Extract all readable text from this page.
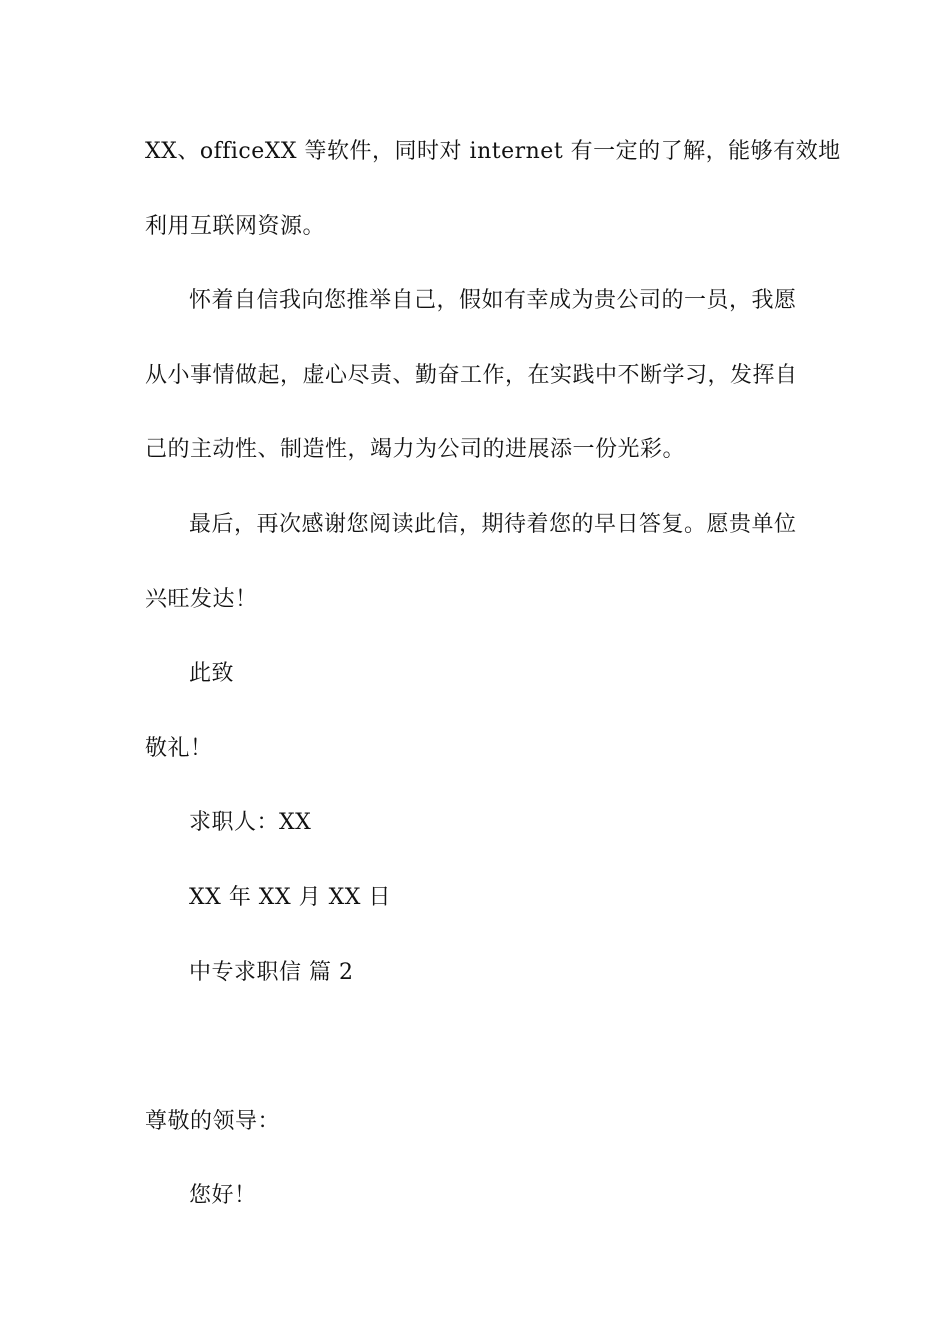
XX、officeXX 等软件，同时对 internet 有一定的了解，能够有效地
利用互联网资源。
怀着自信我向您推举自己，假如有幸成为贵公司的一员，我愿
从小事情做起，虚心尽责、勤奋工作，在实践中不断学习，发挥自
己的主动性、制造性，竭力为公司的进展添一份光彩。
最后，再次感谢您阅读此信，期待着您的早日答复。愿贵单位
兴旺发达！
此致
敬礼！
求职人：XX
XX 年 XX 月 XX 日
中专求职信 篇 2
尊敬的领导：
您好！
